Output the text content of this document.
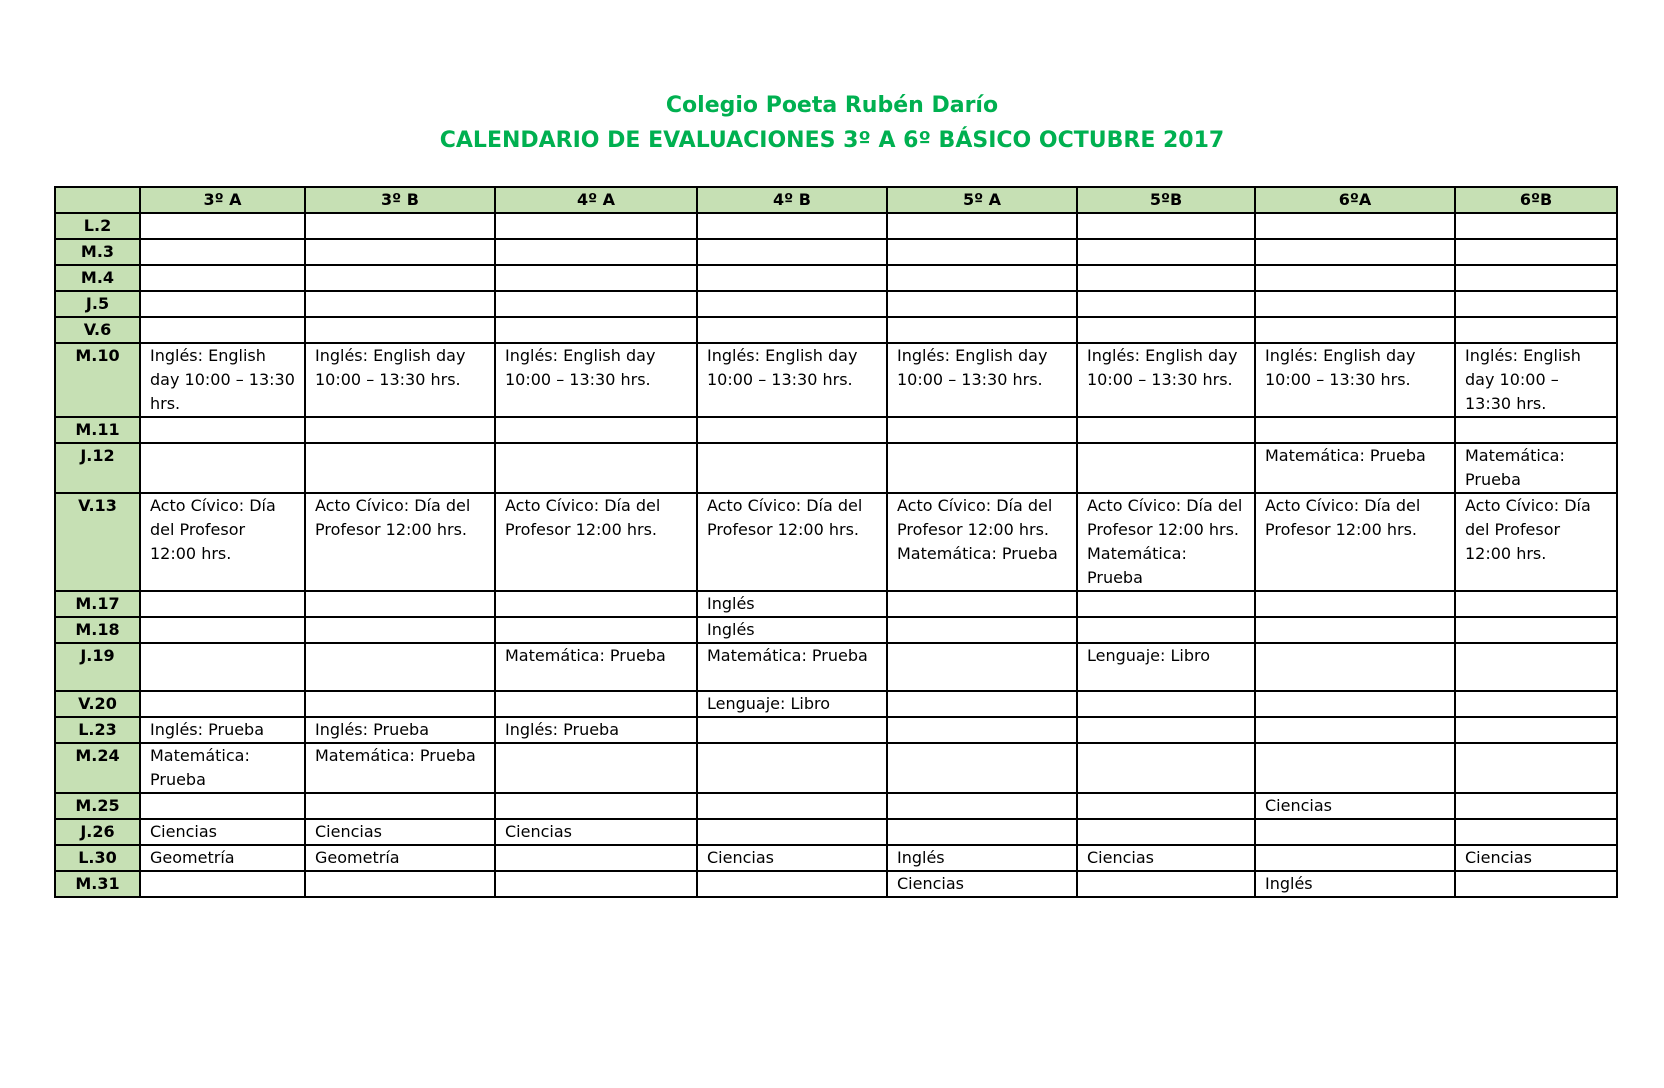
Colegio Poeta Rubén Darío
CALENDARIO DE EVALUACIONES 3º A 6º BÁSICO OCTUBRE 2017
	3º A	3º B	4º A	4º B	5º A	5ºB	6ºA	6ºB
L.2								
M.3								
M.4								
J.5								
V.6								
M.10	Inglés: English day 10:00 – 13:30 hrs.	Inglés: English day 10:00 – 13:30 hrs.	Inglés: English day 10:00 – 13:30 hrs.	Inglés: English day 10:00 – 13:30 hrs.	Inglés: English day 10:00 – 13:30 hrs.	Inglés: English day 10:00 – 13:30 hrs.	Inglés: English day 10:00 – 13:30 hrs.	Inglés: English day 10:00 – 13:30 hrs.
M.11								
J.12							Matemática: Prueba	Matemática: Prueba
V.13	Acto Cívico: Día del Profesor 12:00 hrs.	Acto Cívico: Día del Profesor 12:00 hrs.	Acto Cívico: Día del Profesor 12:00 hrs.	Acto Cívico: Día del Profesor 12:00 hrs.	Acto Cívico: Día del Profesor 12:00 hrs. Matemática: Prueba	Acto Cívico: Día del Profesor 12:00 hrs. Matemática: Prueba	Acto Cívico: Día del Profesor 12:00 hrs.	Acto Cívico: Día del Profesor 12:00 hrs.
M.17				Inglés				
M.18				Inglés				
J.19			Matemática: Prueba	Matemática: Prueba		Lenguaje: Libro		
V.20				Lenguaje: Libro				
L.23	Inglés: Prueba	Inglés: Prueba	Inglés: Prueba					
M.24	Matemática: Prueba	Matemática: Prueba						
M.25							Ciencias	
J.26	Ciencias	Ciencias	Ciencias					
L.30	Geometría	Geometría		Ciencias	Inglés	Ciencias		Ciencias
M.31					Ciencias		Inglés	
